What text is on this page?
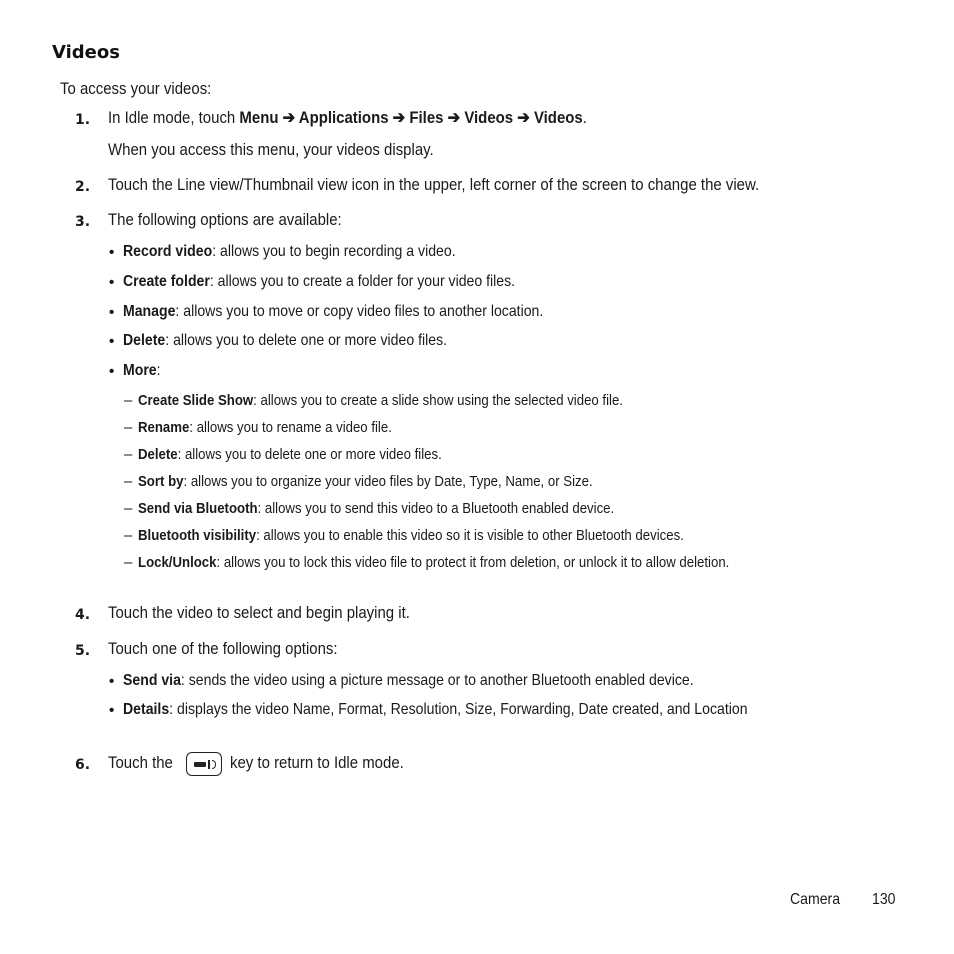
Videos
To access your videos:
1. In Idle mode, touch Menu ➔ Applications ➔ Files ➔ Videos ➔ Videos.
When you access this menu, your videos display.
2. Touch the Line view/Thumbnail view icon in the upper, left corner of the screen to change the view.
3. The following options are available:
• Record video: allows you to begin recording a video.
• Create folder: allows you to create a folder for your video files.
• Manage: allows you to move or copy video files to another location.
• Delete: allows you to delete one or more video files.
• More:
– Create Slide Show: allows you to create a slide show using the selected video file.
– Rename: allows you to rename a video file.
– Delete: allows you to delete one or more video files.
– Sort by: allows you to organize your video files by Date, Type, Name, or Size.
– Send via Bluetooth: allows you to send this video to a Bluetooth enabled device.
– Bluetooth visibility: allows you to enable this video so it is visible to other Bluetooth devices.
– Lock/Unlock: allows you to lock this video file to protect it from deletion, or unlock it to allow deletion.
4. Touch the video to select and begin playing it.
5. Touch one of the following options:
• Send via: sends the video using a picture message or to another Bluetooth enabled device.
• Details: displays the video Name, Format, Resolution, Size, Forwarding, Date created, and Location
6. Touch the	key to return to Idle mode.
Camera	130
